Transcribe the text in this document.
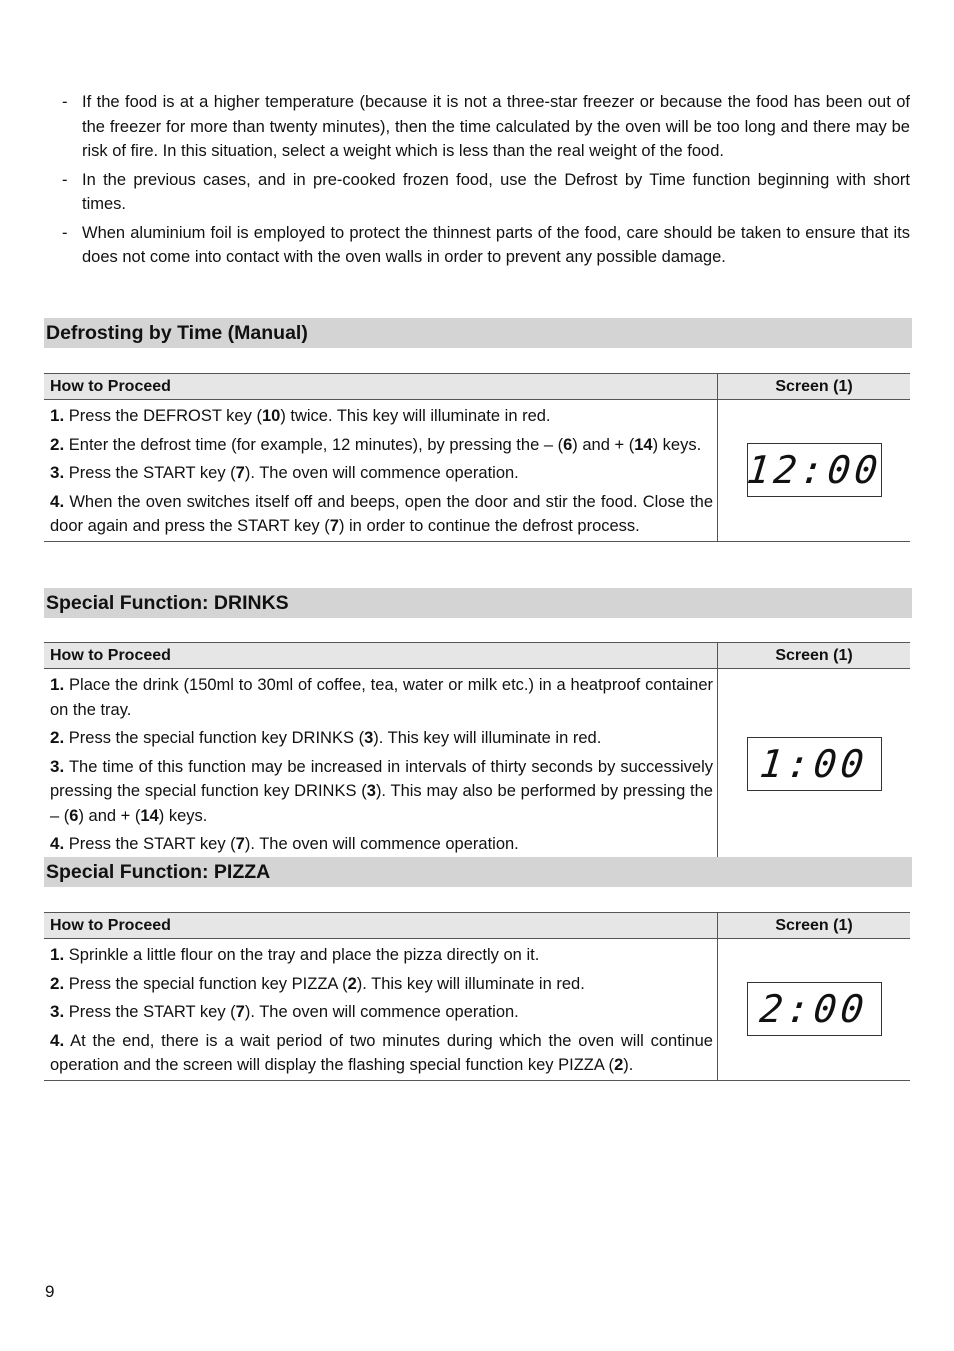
- If the food is at a higher temperature (because it is not a three-star freezer or because the food has been out of the freezer for more than twenty minutes), then the time calculated by the oven will be too long and there may be risk of fire. In this situation, select a weight which is less than the real weight of the food.
- In the previous cases, and in pre-cooked frozen food, use the Defrost by Time function beginning with short times.
- When aluminium foil is employed to protect the thinnest parts of the food, care should be taken to ensure that its does not come into contact with the oven walls in order to prevent any possible damage.
Defrosting by Time (Manual)
How to Proceed	Screen (1)
1. Press the DEFROST key (10) twice. This key will illuminate in red.
2. Enter the defrost time (for example, 12 minutes), by pressing the – (6) and + (14) keys.
3. Press the START key (7). The oven will commence operation.
4. When the oven switches itself off and beeps, open the door and stir the food. Close the door again and press the START key (7) in order to continue the defrost process.
12:00
Special Function: DRINKS
How to Proceed	Screen (1)
1. Place the drink (150ml to 30ml of coffee, tea, water or milk etc.) in a heatproof container on the tray.
2. Press the special function key DRINKS (3). This key will illuminate in red.
3. The time of this function may be increased in intervals of thirty seconds by successively pressing the special function key DRINKS (3). This may also be performed by pressing the – (6) and + (14) keys.
4. Press the START key (7). The oven will commence operation.
1:00
Special Function: PIZZA
How to Proceed	Screen (1)
1. Sprinkle a little flour on the tray and place the pizza directly on it.
2. Press the special function key PIZZA (2). This key will illuminate in red.
3. Press the START key (7). The oven will commence operation.
4. At the end, there is a wait period of two minutes during which the oven will continue operation and the screen will display the flashing special function key PIZZA (2).
2:00
9
